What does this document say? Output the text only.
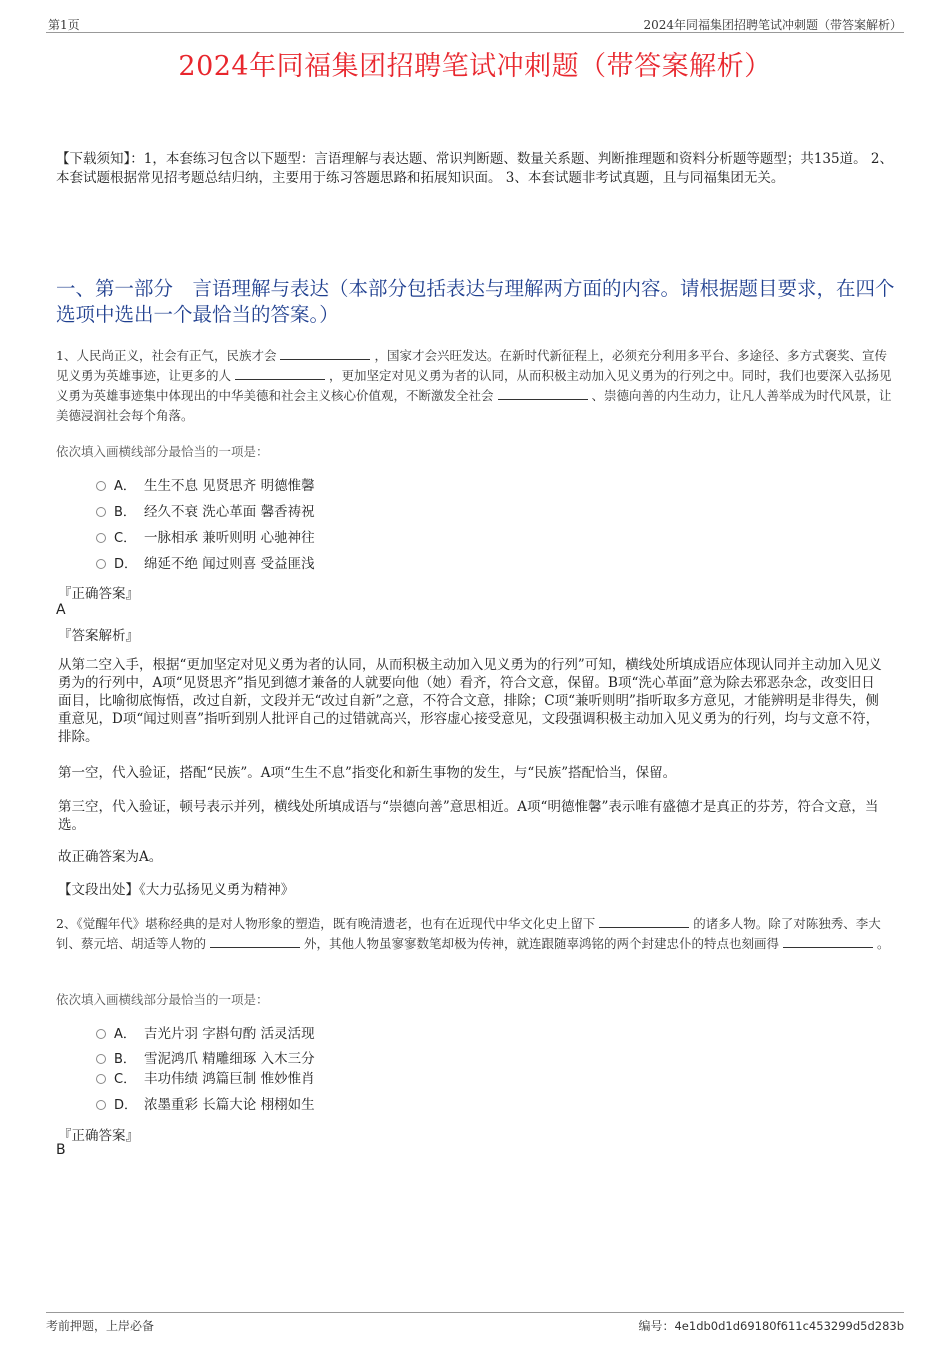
第1页	2024年同福集团招聘笔试冲刺题（带答案解析）
2024年同福集团招聘笔试冲刺题（带答案解析）
【下载须知】：1，本套练习包含以下题型：言语理解与表达题、常识判断题、数量关系题、判断推理题和资料分析题等题型；共135道。 2、本套试题根据常见招考题总结归纳，主要用于练习答题思路和拓展知识面。 3、本套试题非考试真题，且与同福集团无关。
一、第一部分　言语理解与表达（本部分包括表达与理解两方面的内容。请根据题目要求，在四个选项中选出一个最恰当的答案。）
1、人民尚正义，社会有正气，民族才会	，国家才会兴旺发达。在新时代新征程上，必须充分利用多平台、多途径、多方式褒奖、宣传见义勇为英雄事迹，让更多的人	，更加坚定对见义勇为者的认同，从而积极主动加入见义勇为的行列之中。同时，我们也要深入弘扬见义勇为英雄事迹集中体现出的中华美德和社会主义核心价值观，不断激发全社会	、崇德向善的内生动力，让凡人善举成为时代风景，让美德浸润社会每个角落。
依次填入画横线部分最恰当的一项是：
A． 生生不息 见贤思齐 明德惟馨
B． 经久不衰 洗心革面 馨香祷祝
C． 一脉相承 兼听则明 心驰神往
D． 绵延不绝 闻过则喜 受益匪浅
『正确答案』
A
『答案解析』
从第二空入手，根据“更加坚定对见义勇为者的认同，从而积极主动加入见义勇为的行列”可知，横线处所填成语应体现认同并主动加入见义勇为的行列中，A项“见贤思齐”指见到德才兼备的人就要向他（她）看齐，符合文意，保留。B项“洗心革面”意为除去邪恶杂念，改变旧日面目，比喻彻底悔悟，改过自新，文段并无“改过自新”之意，不符合文意，排除；C项“兼听则明”指听取多方意见，才能辨明是非得失，侧重意见，D项“闻过则喜”指听到别人批评自己的过错就高兴，形容虚心接受意见，文段强调积极主动加入见义勇为的行列，均与文意不符，排除。
第一空，代入验证，搭配“民族”。A项“生生不息”指变化和新生事物的发生，与“民族”搭配恰当，保留。
第三空，代入验证，顿号表示并列，横线处所填成语与“崇德向善”意思相近。A项“明德惟馨”表示唯有盛德才是真正的芬芳，符合文意，当选。
故正确答案为A。
【文段出处】《大力弘扬见义勇为精神》
2、《觉醒年代》堪称经典的是对人物形象的塑造，既有晚清遗老，也有在近现代中华文化史上留下	的诸多人物。除了对陈独秀、李大钊、蔡元培、胡适等人物的	外，其他人物虽寥寥数笔却极为传神，就连跟随辜鸿铭的两个封建忠仆的特点也刻画得	。
依次填入画横线部分最恰当的一项是：
A． 吉光片羽 字斟句酌 活灵活现
B． 雪泥鸿爪 精雕细琢 入木三分
C． 丰功伟绩 鸿篇巨制 惟妙惟肖
D． 浓墨重彩 长篇大论 栩栩如生
『正确答案』
B
考前押题，上岸必备	编号：4e1db0d1d69180f611c453299d5d283b
